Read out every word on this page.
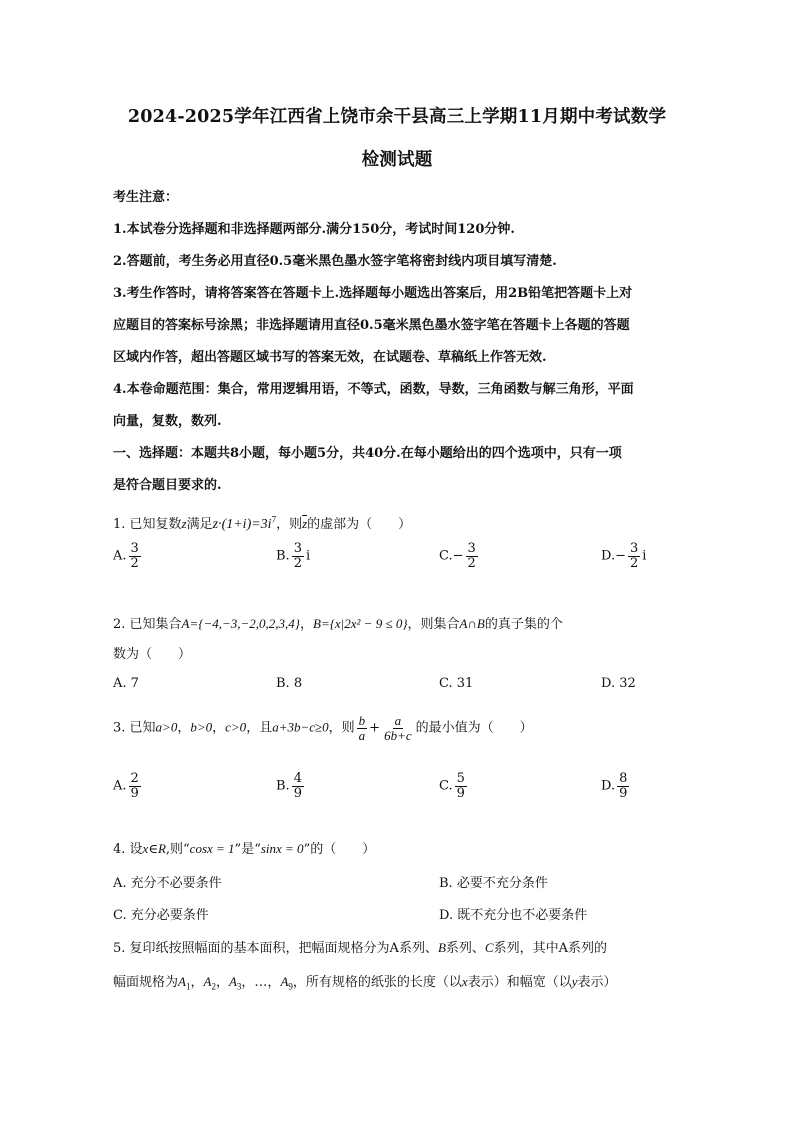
2024-2025学年江西省上饶市余干县高三上学期11月期中考试数学
检测试题
考生注意：
1.本试卷分选择题和非选择题两部分.满分150分，考试时间120分钟.
2.答题前，考生务必用直径0.5毫米黑色墨水签字笔将密封线内项目填写清楚.
3.考生作答时，请将答案答在答题卡上.选择题每小题选出答案后，用2B铅笔把答题卡上对
应题目的答案标号涂黑；非选择题请用直径0.5毫米黑色墨水签字笔在答题卡上各题的答题
区域内作答，超出答题区域书写的答案无效，在试题卷、草稿纸上作答无效.
4.本卷命题范围：集合，常用逻辑用语，不等式，函数，导数，三角函数与解三角形，平面
向量，复数，数列.
一、选择题：本题共8小题，每小题5分，共40分.在每小题给出的四个选项中，只有一项
是符合题目要求的.
1. 已知复数z满足$z\cdot(1+i)=3i^7$，则$\overline{z}$的虚部为（　　）
A. $\frac{3}{2}$	B. $\frac{3}{2}$ i	$C.- \frac{3}{2}$	$D.- \frac{3}{2}$ i
2. 已知集合A={−4,−3,−2,0,2,3,4}，B={x|2x² − 9 ≤ 0}，则集合A∩B的真子集的个
数为（　　）
A. 7	B. 8	C. 31	D. 32
3. 已知a>0，b>0，c>0，且a+3b−c≥0，则 $\frac{b}{a} + \frac{a}{6b+c}$ 的最小值为（　　）
A. $\frac{2}{9}$	B. $\frac{4}{9}$	C. $\frac{5}{9}$	D. $\frac{8}{9}$
4. 设x∈R,则“cosx = 1”是“sinx = 0”的（　　）
A. 充分不必要条件	B. 必要不充分条件
C. 充分必要条件	D. 既不充分也不必要条件
5. 复印纸按照幅面的基本面积，把幅面规格分为A系列、B系列、C系列，其中A系列的
幅面规格为$A_1$，$A_2$，$A_3$，…，$A_9$，所有规格的纸张的长度（以x表示）和幅宽（以y表示）
